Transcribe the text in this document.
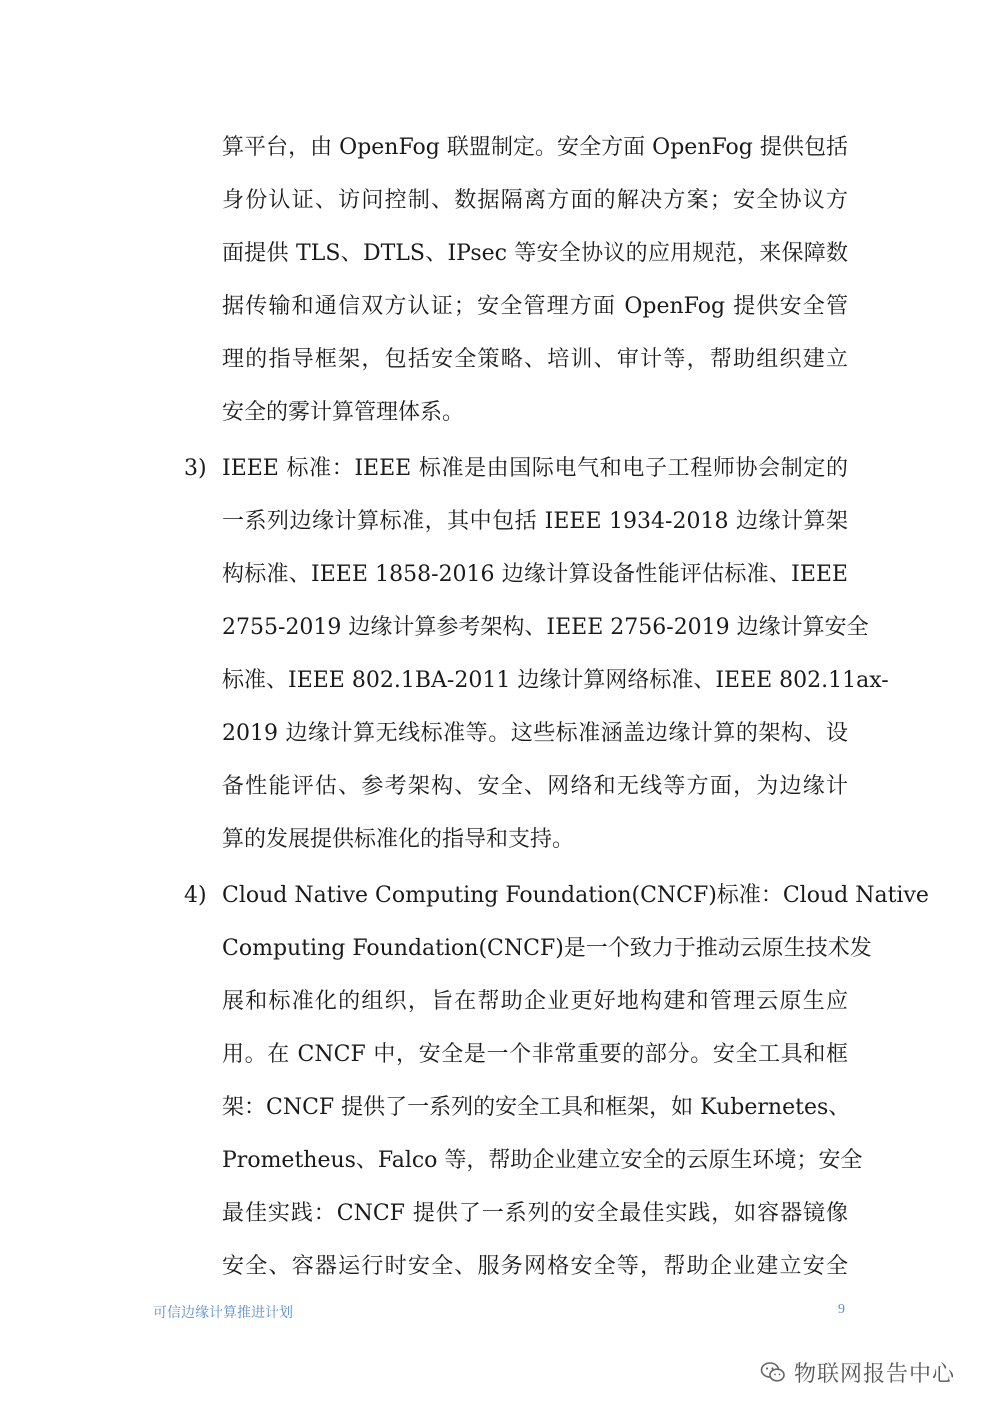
算平台，由 OpenFog 联盟制定。安全方面 OpenFog 提供包括
身份认证、访问控制、数据隔离方面的解决方案；安全协议方
面提供 TLS、DTLS、IPsec 等安全协议的应用规范，来保障数
据传输和通信双方认证；安全管理方面 OpenFog 提供安全管
理的指导框架，包括安全策略、培训、审计等，帮助组织建立
安全的雾计算管理体系。
3) IEEE 标准：IEEE 标准是由国际电气和电子工程师协会制定的
一系列边缘计算标准，其中包括 IEEE 1934-2018 边缘计算架
构标准、IEEE 1858-2016 边缘计算设备性能评估标准、IEEE
2755-2019 边缘计算参考架构、IEEE 2756-2019 边缘计算安全
标准、IEEE 802.1BA-2011 边缘计算网络标准、IEEE 802.11ax-
2019 边缘计算无线标准等。这些标准涵盖边缘计算的架构、设
备性能评估、参考架构、安全、网络和无线等方面，为边缘计
算的发展提供标准化的指导和支持。
4) Cloud Native Computing Foundation(CNCF)标准：Cloud Native
Computing Foundation(CNCF)是一个致力于推动云原生技术发
展和标准化的组织，旨在帮助企业更好地构建和管理云原生应
用。在 CNCF 中，安全是一个非常重要的部分。安全工具和框
架：CNCF 提供了一系列的安全工具和框架，如 Kubernetes、
Prometheus、Falco 等，帮助企业建立安全的云原生环境；安全
最佳实践：CNCF 提供了一系列的安全最佳实践，如容器镜像
安全、容器运行时安全、服务网格安全等，帮助企业建立安全
可信边缘计算推进计划	9
物联网报告中心
